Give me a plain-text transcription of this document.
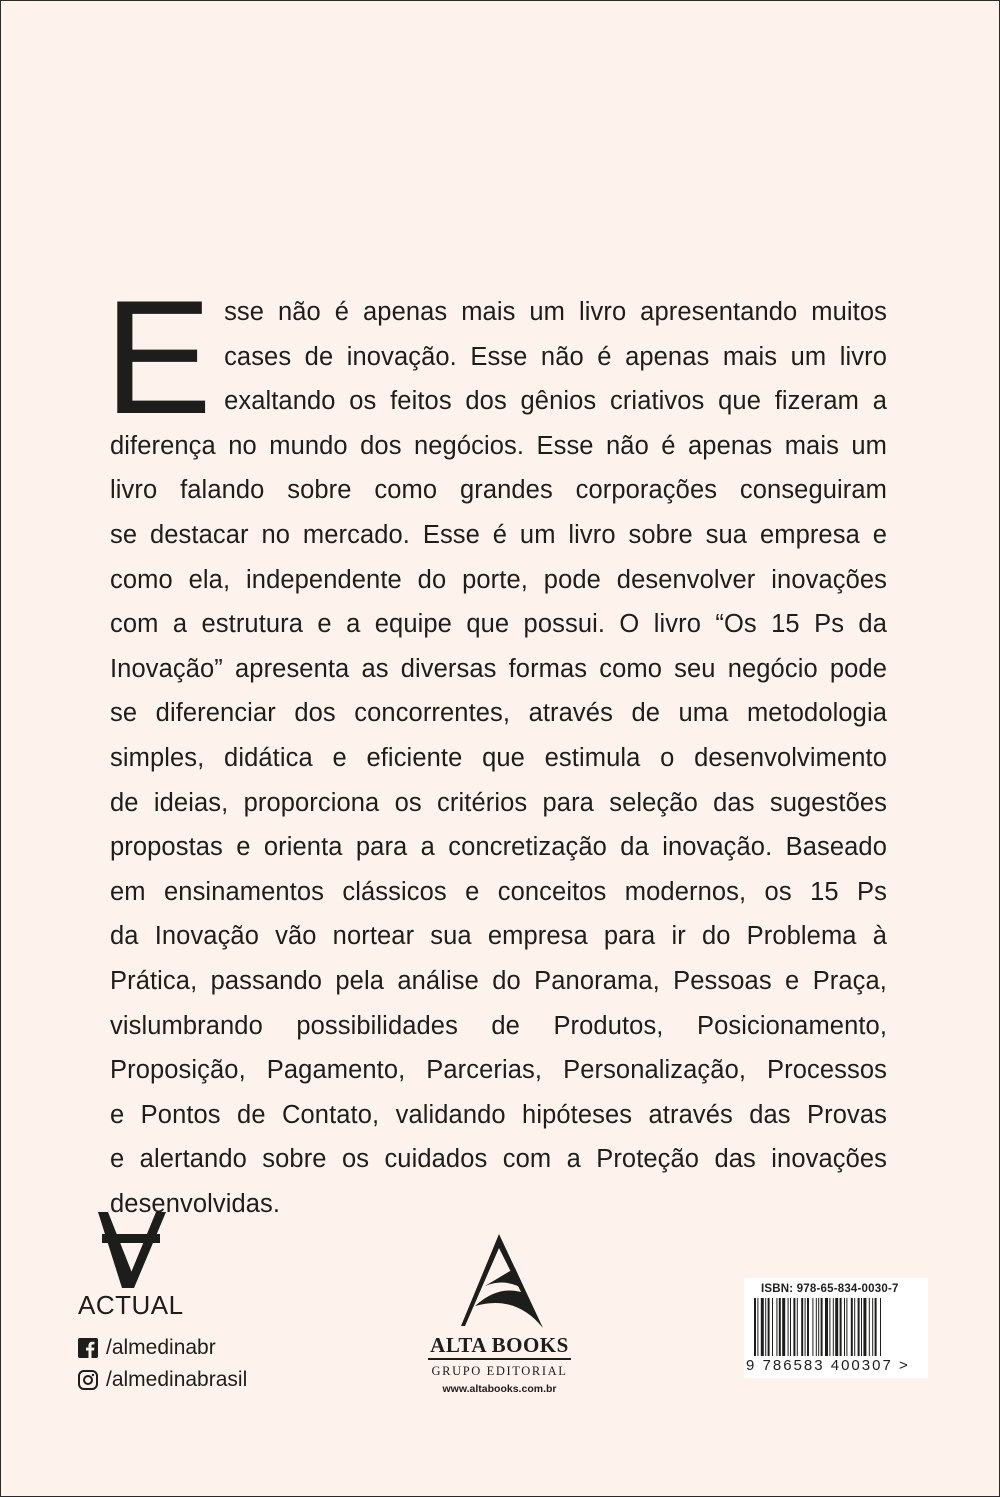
E sse não é apenas mais um livro apresentando muitos

cases de inovação. Esse não é apenas mais um livro

exaltando os feitos dos gênios criativos que fizeram a

diferença no mundo dos negócios. Esse não é apenas mais um

livro falando sobre como grandes corporações conseguiram

se destacar no mercado. Esse é um livro sobre sua empresa e

como ela, independente do porte, pode desenvolver inovações

com a estrutura e a equipe que possui. O livro “Os 15 Ps da

Inovação” apresenta as diversas formas como seu negócio pode

se diferenciar dos concorrentes, através de uma metodologia

simples, didática e eficiente que estimula o desenvolvimento

de ideias, proporciona os critérios para seleção das sugestões

propostas e orienta para a concretização da inovação. Baseado

em ensinamentos clássicos e conceitos modernos, os 15 Ps

da Inovação vão nortear sua empresa para ir do Problema à

Prática, passando pela análise do Panorama, Pessoas e Praça,

vislumbrando possibilidades de Produtos, Posicionamento,

Proposição, Pagamento, Parcerias, Personalização, Processos

e Pontos de Contato, validando hipóteses através das Provas

e alertando sobre os cuidados com a Proteção das inovações

desenvolvidas.

ACTUAL
/almedinabr
/almedinabrasil
ALTA BOOKS
GRUPO EDITORIAL
www.altabooks.com.br
ISBN: 978-65-834-0030-7
9 786583 400307 >
